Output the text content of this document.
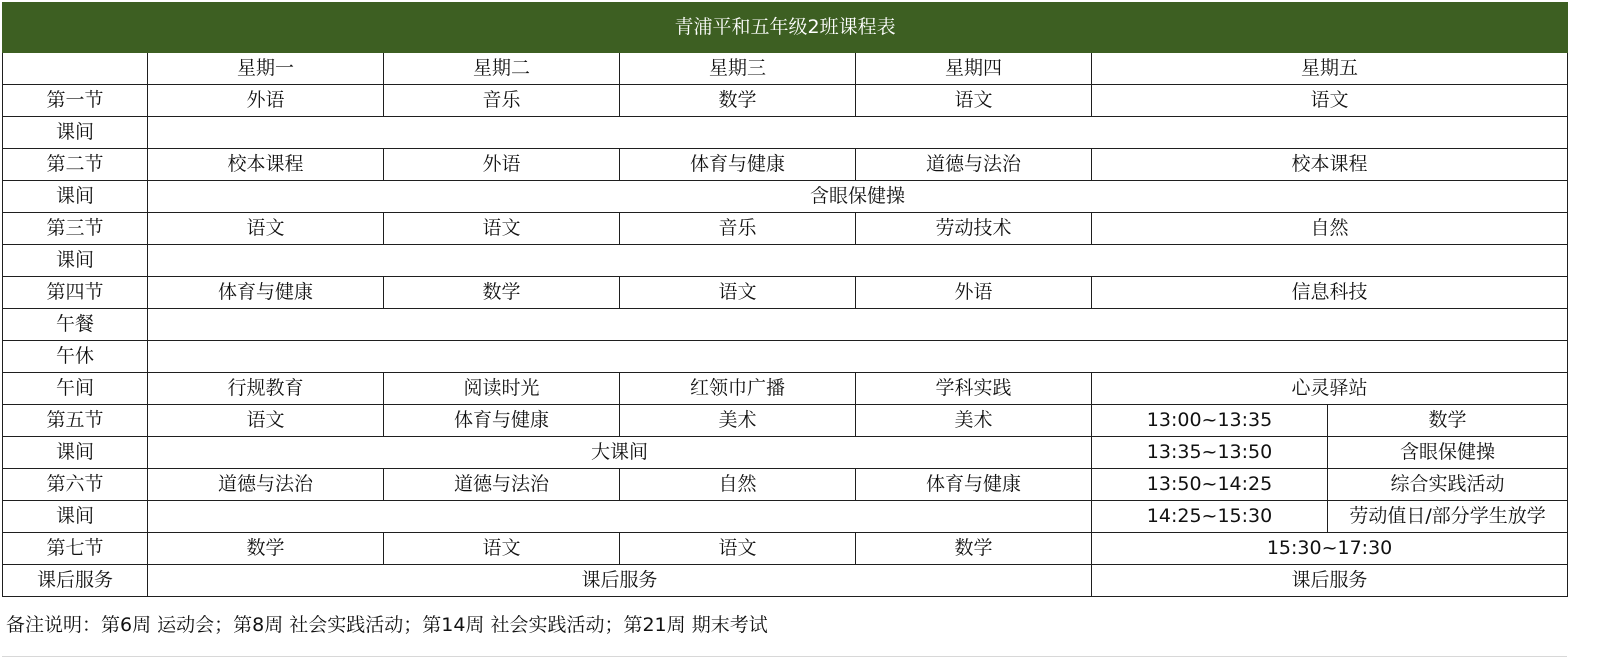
青浦平和五年级2班课程表						
	星期一	星期二	星期三	星期四	星期五	
第一节	外语	音乐	数学	语文	语文	
课间						
第二节	校本课程	外语	体育与健康	道德与法治	校本课程	
课间	含眼保健操					
第三节	语文	语文	音乐	劳动技术	自然	
课间						
第四节	体育与健康	数学	语文	外语	信息科技	
午餐						
午休						
午间	行规教育	阅读时光	红领巾广播	学科实践	心灵驿站	
第五节	语文	体育与健康	美术	美术	13:00~13:35	数学
课间	大课间				13:35~13:50	含眼保健操
第六节	道德与法治	道德与法治	自然	体育与健康	13:50~14:25	综合实践活动
课间					14:25~15:30	劳动值日/部分学生放学
第七节	数学	语文	语文	数学	15:30~17:30	
课后服务	课后服务				课后服务	
备注说明：第6周 运动会；第8周 社会实践活动；第14周 社会实践活动；第21周 期末考试
